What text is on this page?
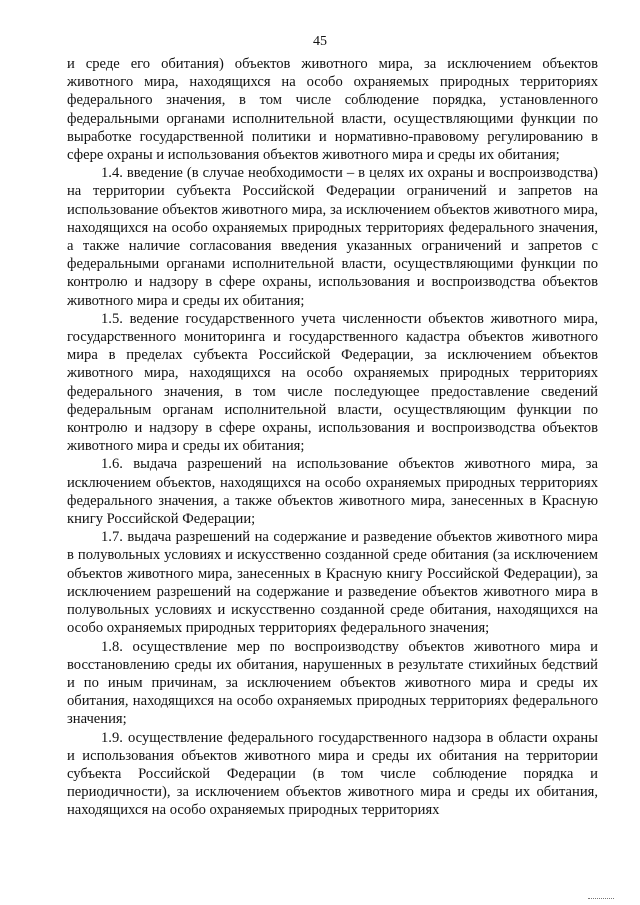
45

и среде его обитания) объектов животного мира, за исключением объектов животного мира, находящихся на особо охраняемых природных территориях федерального значения, в том числе соблюдение порядка, установленного федеральными органами исполнительной власти, осуществляющими функции по выработке государственной политики и нормативно-правовому регулированию в сфере охраны и использования объектов животного мира и среды их обитания;

1.4. введение (в случае необходимости – в целях их охраны и воспроизводства) на территории субъекта Российской Федерации ограничений и запретов на использование объектов животного мира, за исключением объектов животного мира, находящихся на особо охраняемых природных территориях федерального значения, а также наличие согласования введения указанных ограничений и запретов с федеральными органами исполнительной власти, осуществляющими функции по контролю и надзору в сфере охраны, использования и воспроизводства объектов животного мира и среды их обитания;

1.5. ведение государственного учета численности объектов животного мира, государственного мониторинга и государственного кадастра объектов животного мира в пределах субъекта Российской Федерации, за исключением объектов животного мира, находящихся на особо охраняемых природных территориях федерального значения, в том числе последующее предоставление сведений федеральным органам исполнительной власти, осуществляющим функции по контролю и надзору в сфере охраны, использования и воспроизводства объектов животного мира и среды их обитания;

1.6. выдача разрешений на использование объектов животного мира, за исключением объектов, находящихся на особо охраняемых природных территориях федерального значения, а также объектов животного мира, занесенных в Красную книгу Российской Федерации;

1.7. выдача разрешений на содержание и разведение объектов животного мира в полувольных условиях и искусственно созданной среде обитания (за исключением объектов животного мира, занесенных в Красную книгу Российской Федерации), за исключением разрешений на содержание и разведение объектов животного мира в полувольных условиях и искусственно созданной среде обитания, находящихся на особо охраняемых природных территориях федерального значения;

1.8. осуществление мер по воспроизводству объектов животного мира и восстановлению среды их обитания, нарушенных в результате стихийных бедствий и по иным причинам, за исключением объектов животного мира и среды их обитания, находящихся на особо охраняемых природных территориях федерального значения;

1.9. осуществление федерального государственного надзора в области охраны и использования объектов животного мира и среды их обитания на территории субъекта Российской Федерации (в том числе соблюдение порядка и периодичности), за исключением объектов животного мира и среды их обитания, находящихся на особо охраняемых природных территориях
